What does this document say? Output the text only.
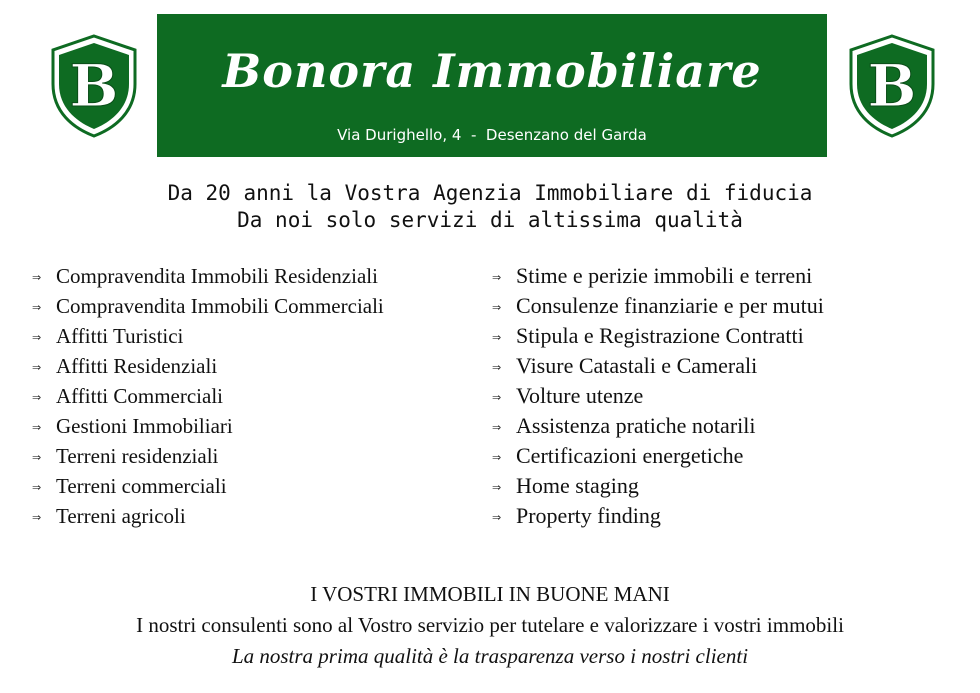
B	B
Bonora Immobiliare
Via Durighello, 4  -  Desenzano del Garda
Da 20 anni la Vostra Agenzia Immobiliare di fiducia
Da noi solo servizi di altissima qualità
⇒ Compravendita Immobili Residenziali
⇒ Compravendita Immobili Commerciali
⇒ Affitti Turistici
⇒ Affitti Residenziali
⇒ Affitti Commerciali
⇒ Gestioni Immobiliari
⇒ Terreni residenziali
⇒ Terreni commerciali
⇒ Terreni agricoli
⇒ Stime e perizie immobili e terreni
⇒ Consulenze finanziarie e per mutui
⇒ Stipula e Registrazione Contratti
⇒ Visure Catastali e Camerali
⇒ Volture utenze
⇒ Assistenza pratiche notarili
⇒ Certificazioni energetiche
⇒ Home staging
⇒ Property finding
I VOSTRI IMMOBILI IN BUONE MANI
I nostri consulenti sono al Vostro servizio per tutelare e valorizzare i vostri immobili
La nostra prima qualità è la trasparenza verso i nostri clienti
